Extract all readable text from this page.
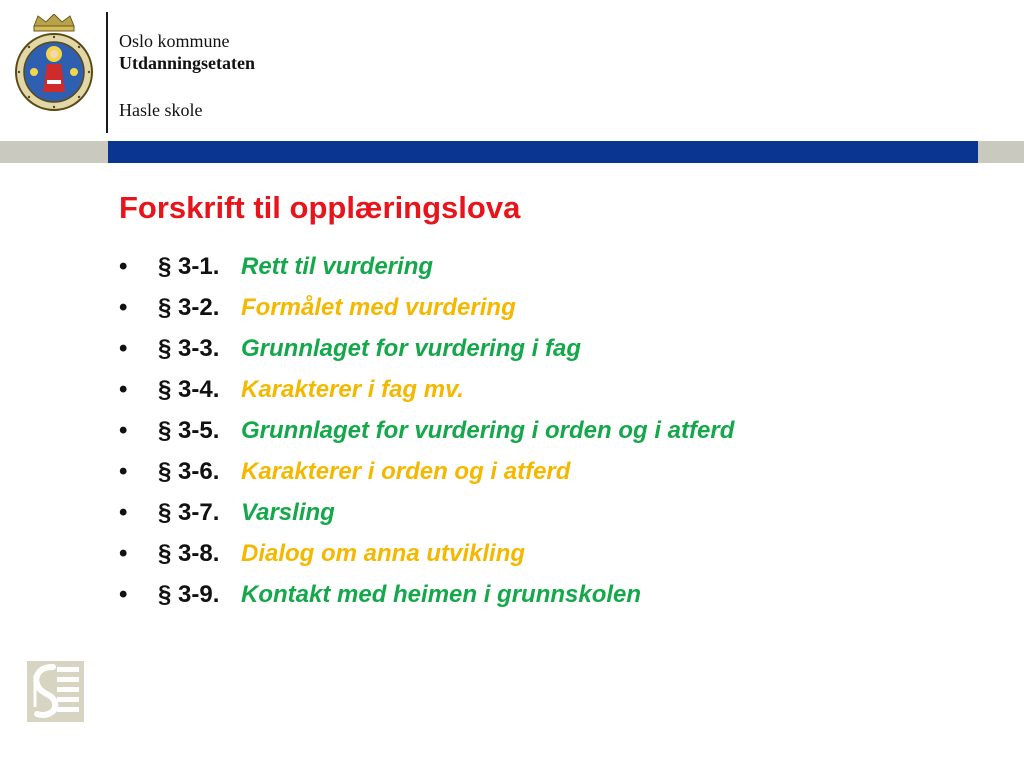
Oslo kommune
Utdanningsetaten
Hasle skole
Forskrift til opplæringslova
• § 3-1. Rett til vurdering
• § 3-2. Formålet med vurdering
• § 3-3. Grunnlaget for vurdering i fag
• § 3-4. Karakterer i fag mv.
• § 3-5. Grunnlaget for vurdering i orden og i atferd
• § 3-6. Karakterer i orden og i atferd
• § 3-7. Varsling
• § 3-8. Dialog om anna utvikling
• § 3-9. Kontakt med heimen i grunnskolen
